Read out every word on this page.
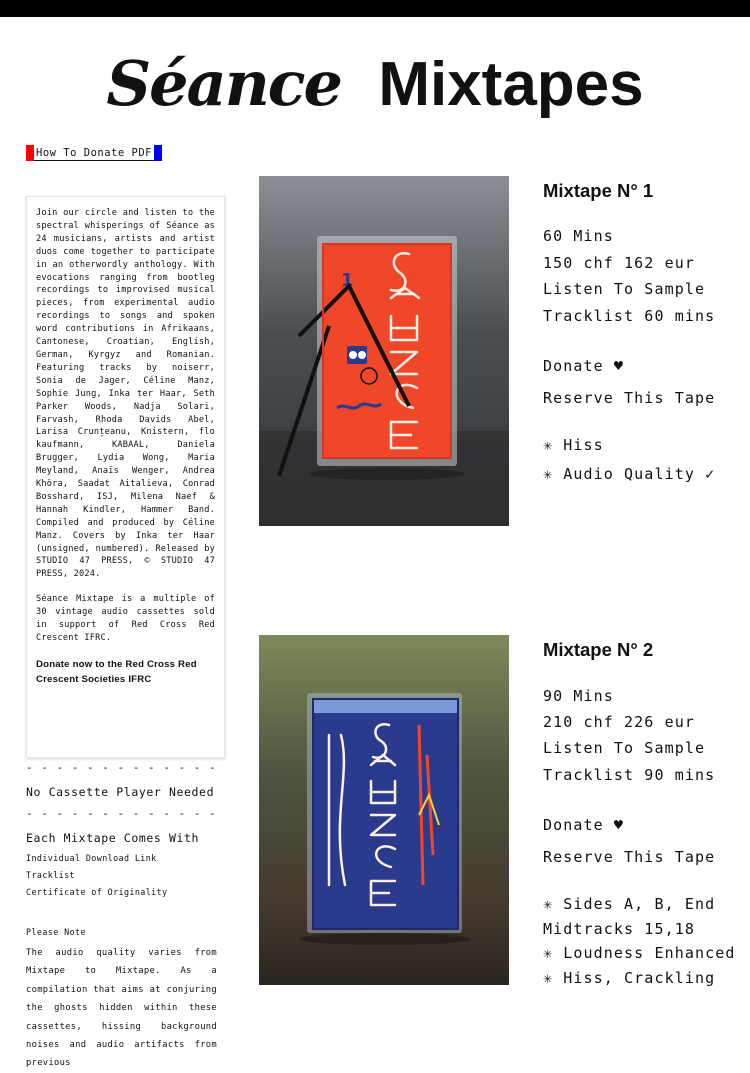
Séance Mixtapes
How To Donate PDF

Join our circle and listen to the spectral whisperings of Séance as 24 musicians, artists and artist duos come together to participate in an otherwordly anthology. With evocations ranging from bootleg recordings to improvised musical pieces, from experimental audio recordings to songs and spoken word contributions in Afrikaans, Cantonese, Croatian, English, German, Kyrgyz and Romanian. Featuring tracks by noiserr, Sonia de Jager, Céline Manz, Sophie Jung, Inka ter Haar, Seth Parker Woods, Nadja Solari, Farvash, Rhoda Davids Abel, Larisa Crunțeanu, Knistern, flo kaufmann, KABAAL, Daniela Brugger, Lydia Wong, Maria Meyland, Anaïs Wenger, Andrea Khôra, Saadat Aitalieva, Conrad Bosshard, ISJ, Milena Naef & Hannah Kindler, Hammer Band. Compiled and produced by Céline Manz. Covers by Inka ter Haar (unsigned, numbered). Released by STUDIO 47 PRESS, © STUDIO 47 PRESS, 2024.

Séance Mixtape is a multiple of 30 vintage audio cassettes sold in support of Red Cross Red Crescent IFRC.

Donate now to the Red Cross Red Crescent Societies IFRC

- - - - - - - - - - - - -
No Cassette Player Needed
- - - - - - - - - - - - -
Each Mixtape Comes With
Individual Download Link
Tracklist
Certificate of Originality
Please Note
The audio quality varies from Mixtape to Mixtape. As a compilation that aims at conjuring the ghosts hidden within these cassettes, hissing background noises and audio artifacts from previous
1
Mixtape N° 1
60 Mins
150 chf 162 eur
Listen To Sample
Tracklist 60 mins
Donate ♥
Reserve This Tape
✳ Hiss
✳ Audio Quality ✓
Mixtape N° 2
90 Mins
210 chf 226 eur
Listen To Sample
Tracklist 90 mins
Donate ♥
Reserve This Tape
✳ Sides A, B, End
Midtracks 15,18
✳ Loudness Enhanced
✳ Hiss, Crackling
